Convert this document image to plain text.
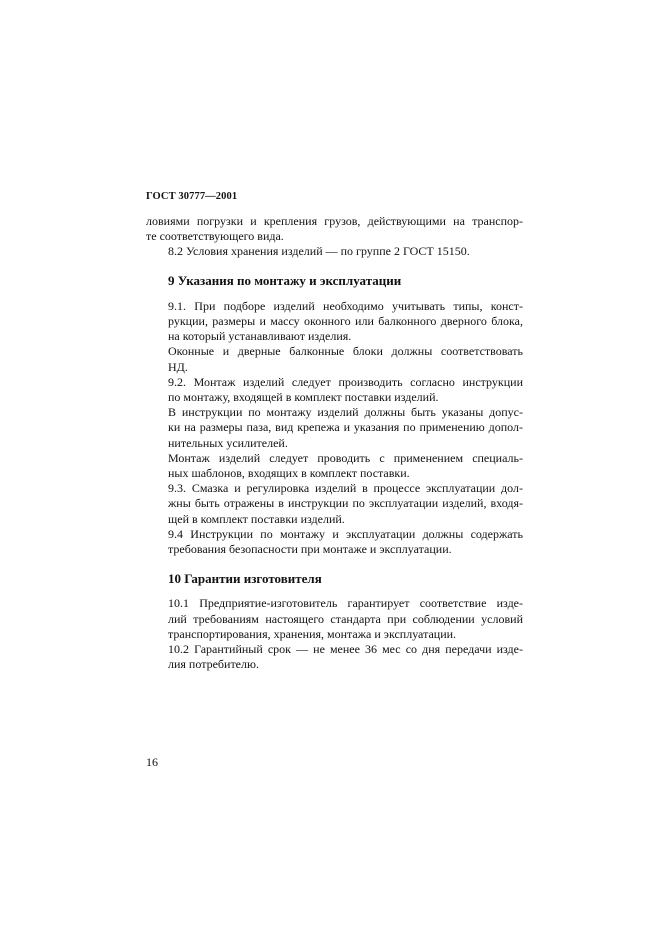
ГОСТ 30777—2001

ловиями погрузки и крепления грузов, действующими на транспор-
те соответствующего вида.

8.2 Условия хранения изделий — по группе 2 ГОСТ 15150.

9 Указания по монтажу и эксплуатации

9.1. При подборе изделий необходимо учитывать типы, конст-
рукции, размеры и массу оконного или балконного дверного блока,
на который устанавливают изделия.

Оконные и дверные балконные блоки должны соответствовать
НД.

9.2. Монтаж изделий следует производить согласно инструкции
по монтажу, входящей в комплект поставки изделий.

В инструкции по монтажу изделий должны быть указаны допус-
ки на размеры паза, вид крепежа и указания по применению допол-
нительных усилителей.

Монтаж изделий следует проводить с применением специаль-
ных шаблонов, входящих в комплект поставки.

9.3. Смазка и регулировка изделий в процессе эксплуатации дол-
жны быть отражены в инструкции по эксплуатации изделий, входя-
щей в комплект поставки изделий.

9.4 Инструкции по монтажу и эксплуатации должны содержать
требования безопасности при монтаже и эксплуатации.

10 Гарантии изготовителя

10.1 Предприятие-изготовитель гарантирует соответствие изде-
лий требованиям настоящего стандарта при соблюдении условий
транспортирования, хранения, монтажа и эксплуатации.

10.2 Гарантийный срок — не менее 36 мес со дня передачи изде-
лия потребителю.

16
